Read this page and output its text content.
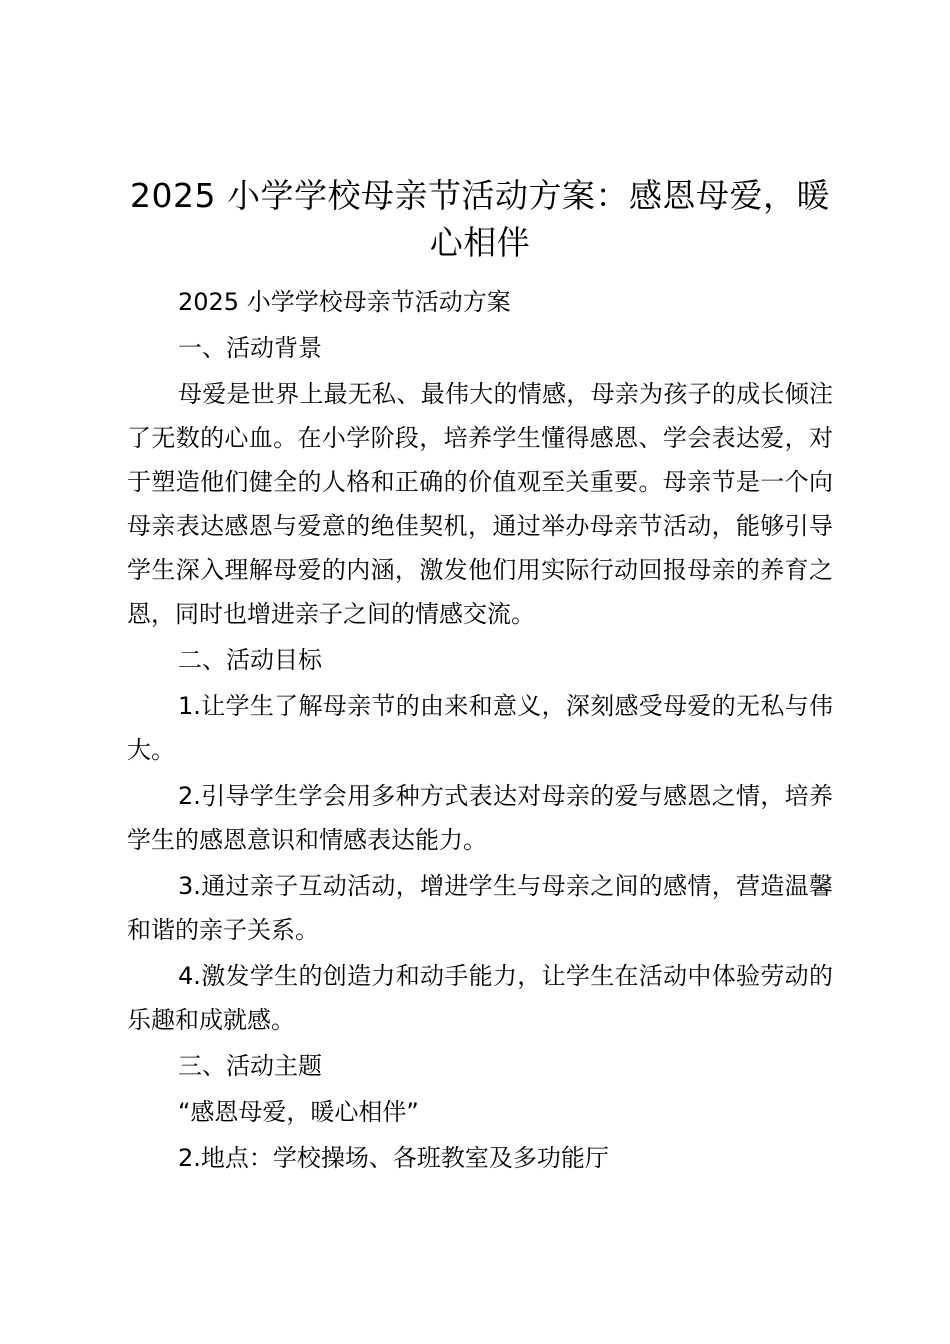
2025 小学学校母亲节活动方案：感恩母爱，暖心相伴

2025 小学学校母亲节活动方案

一、活动背景

母爱是世界上最无私、最伟大的情感，母亲为孩子的成长倾注了无数的心血。在小学阶段，培养学生懂得感恩、学会表达爱，对于塑造他们健全的人格和正确的价值观至关重要。母亲节是一个向母亲表达感恩与爱意的绝佳契机，通过举办母亲节活动，能够引导学生深入理解母爱的内涵，激发他们用实际行动回报母亲的养育之恩，同时也增进亲子之间的情感交流。

二、活动目标

1.让学生了解母亲节的由来和意义，深刻感受母爱的无私与伟大。

2.引导学生学会用多种方式表达对母亲的爱与感恩之情，培养学生的感恩意识和情感表达能力。

3.通过亲子互动活动，增进学生与母亲之间的感情，营造温馨和谐的亲子关系。

4.激发学生的创造力和动手能力，让学生在活动中体验劳动的乐趣和成就感。

三、活动主题

“感恩母爱，暖心相伴”

2.地点：学校操场、各班教室及多功能厅
